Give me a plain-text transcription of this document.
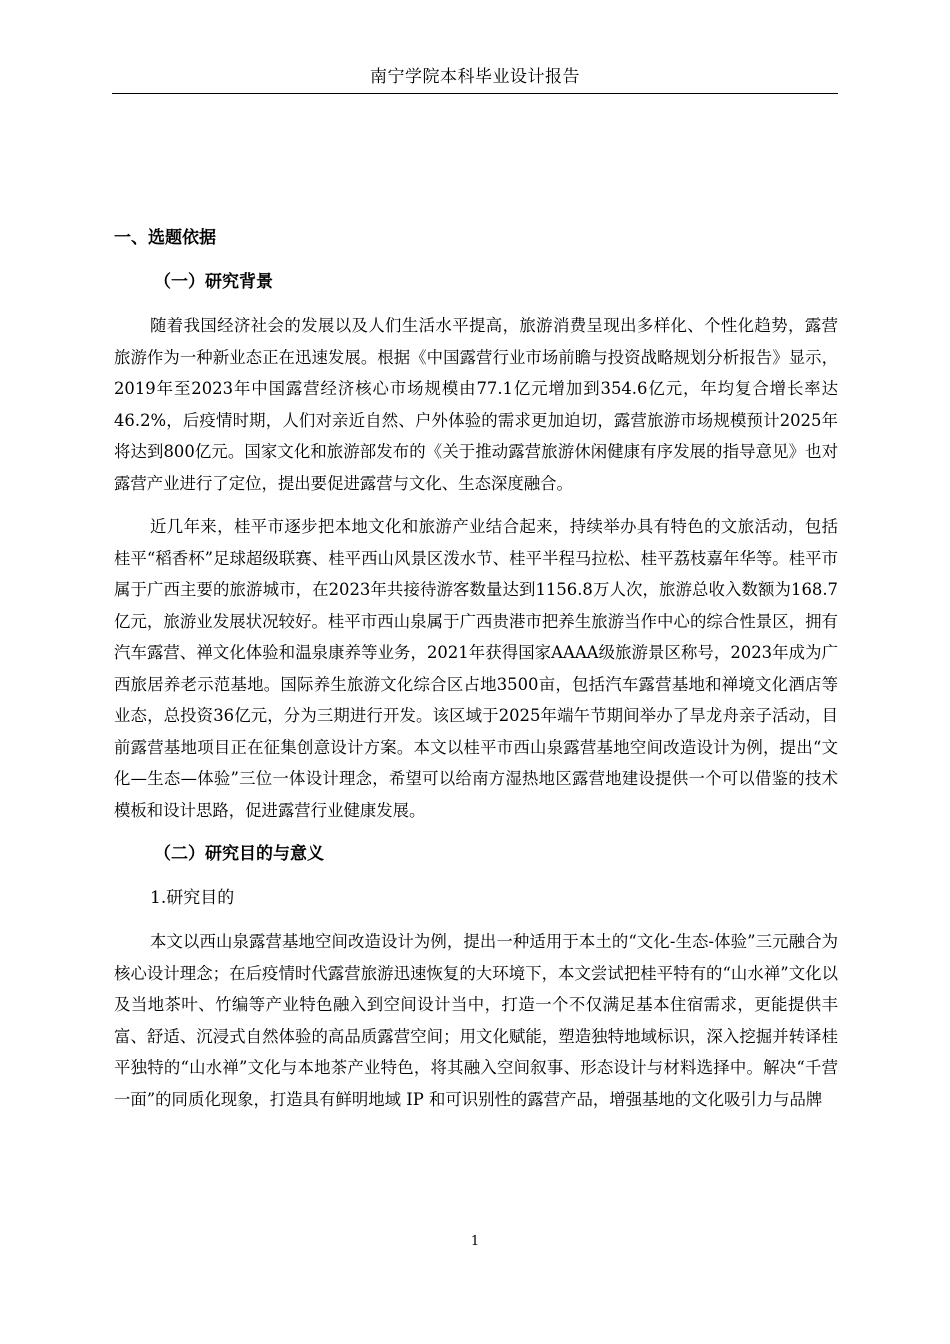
南宁学院本科毕业设计报告
一、选题依据
（一）研究背景

随着我国经济社会的发展以及人们生活水平提高，旅游消费呈现出多样化、个性化趋势，露营旅游作为一种新业态正在迅速发展。根据《中国露营行业市场前瞻与投资战略规划分析报告》显示，2019年至2023年中国露营经济核心市场规模由77.1亿元增加到354.6亿元，年均复合增长率达46.2%，后疫情时期，人们对亲近自然、户外体验的需求更加迫切，露营旅游市场规模预计2025年将达到800亿元。国家文化和旅游部发布的《关于推动露营旅游休闲健康有序发展的指导意见》也对露营产业进行了定位，提出要促进露营与文化、生态深度融合。

近几年来，桂平市逐步把本地文化和旅游产业结合起来，持续举办具有特色的文旅活动，包括桂平“稻香杯”足球超级联赛、桂平西山风景区泼水节、桂平半程马拉松、桂平荔枝嘉年华等。桂平市属于广西主要的旅游城市，在2023年共接待游客数量达到1156.8万人次，旅游总收入数额为168.7亿元，旅游业发展状况较好。桂平市西山泉属于广西贵港市把养生旅游当作中心的综合性景区，拥有汽车露营、禅文化体验和温泉康养等业务，2021年获得国家AAAA级旅游景区称号，2023年成为广西旅居养老示范基地。国际养生旅游文化综合区占地3500亩，包括汽车露营基地和禅境文化酒店等业态，总投资36亿元，分为三期进行开发。该区域于2025年端午节期间举办了旱龙舟亲子活动，目前露营基地项目正在征集创意设计方案。本文以桂平市西山泉露营基地空间改造设计为例，提出“文化—生态—体验”三位一体设计理念，希望可以给南方湿热地区露营地建设提供一个可以借鉴的技术模板和设计思路，促进露营行业健康发展。

（二）研究目的与意义
1.研究目的

本文以西山泉露营基地空间改造设计为例，提出一种适用于本土的“文化-生态-体验”三元融合为核心设计理念；在后疫情时代露营旅游迅速恢复的大环境下，本文尝试把桂平特有的“山水禅”文化以及当地茶叶、竹编等产业特色融入到空间设计当中，打造一个不仅满足基本住宿需求，更能提供丰富、舒适、沉浸式自然体验的高品质露营空间；用文化赋能，塑造独特地域标识，深入挖掘并转译桂平独特的“山水禅”文化与本地茶产业特色，将其融入空间叙事、形态设计与材料选择中。解决“千营一面”的同质化现象，打造具有鲜明地域 IP 和可识别性的露营产品，增强基地的文化吸引力与品牌

1
